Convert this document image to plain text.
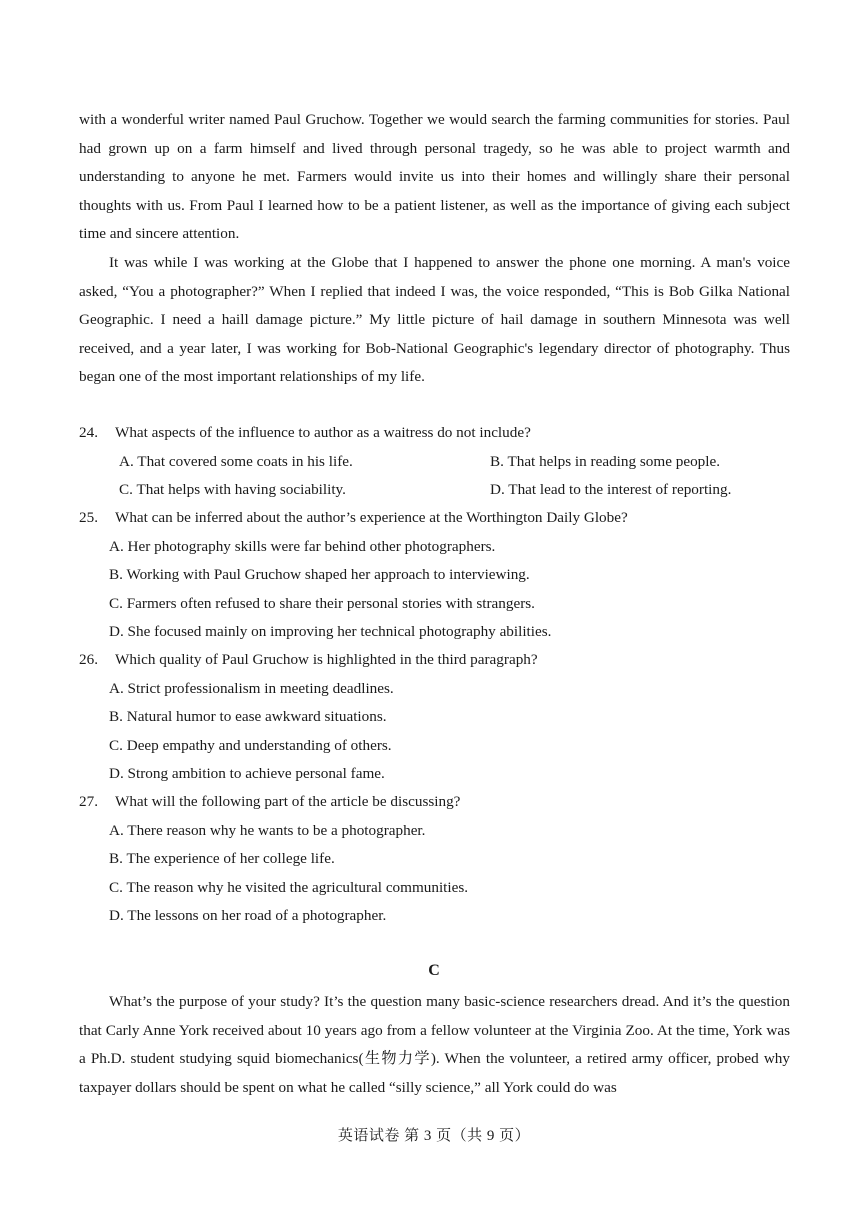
with a wonderful writer named Paul Gruchow. Together we would search the farming communities for stories. Paul had grown up on a farm himself and lived through personal tragedy, so he was able to project warmth and understanding to anyone he met. Farmers would invite us into their homes and willingly share their personal thoughts with us. From Paul I learned how to be a patient listener, as well as the importance of giving each subject time and sincere attention.

It was while I was working at the Globe that I happened to answer the phone one morning. A man's voice asked, “You a photographer?” When I replied that indeed I was, the voice responded, “This is Bob Gilka National Geographic. I need a haill damage picture.” My little picture of hail damage in southern Minnesota was well received, and a year later, I was working for Bob-National Geographic's legendary director of photography. Thus began one of the most important relationships of my life.

24. What aspects of the influence to author as a waitress do not include?
A. That covered some coats in his life.	B. That helps in reading some people.
C. That helps with having sociability.	D. That lead to the interest of reporting.
25. What can be inferred about the author’s experience at the Worthington Daily Globe?
A. Her photography skills were far behind other photographers.
B. Working with Paul Gruchow shaped her approach to interviewing.
C. Farmers often refused to share their personal stories with strangers.
D. She focused mainly on improving her technical photography abilities.
26. Which quality of Paul Gruchow is highlighted in the third paragraph?
A. Strict professionalism in meeting deadlines.
B. Natural humor to ease awkward situations.
C. Deep empathy and understanding of others.
D. Strong ambition to achieve personal fame.
27. What will the following part of the article be discussing?
A. There reason why he wants to be a photographer.
B. The experience of her college life.
C. The reason why he visited the agricultural communities.
D. The lessons on her road of a photographer.
C

What’s the purpose of your study? It’s the question many basic-science researchers dread. And it’s the question that Carly Anne York received about 10 years ago from a fellow volunteer at the Virginia Zoo. At the time, York was a Ph.D. student studying squid biomechanics(生物力学). When the volunteer, a retired army officer, probed why taxpayer dollars should be spent on what he called “silly science,” all York could do was

英语试卷 第 3 页（共 9 页）
